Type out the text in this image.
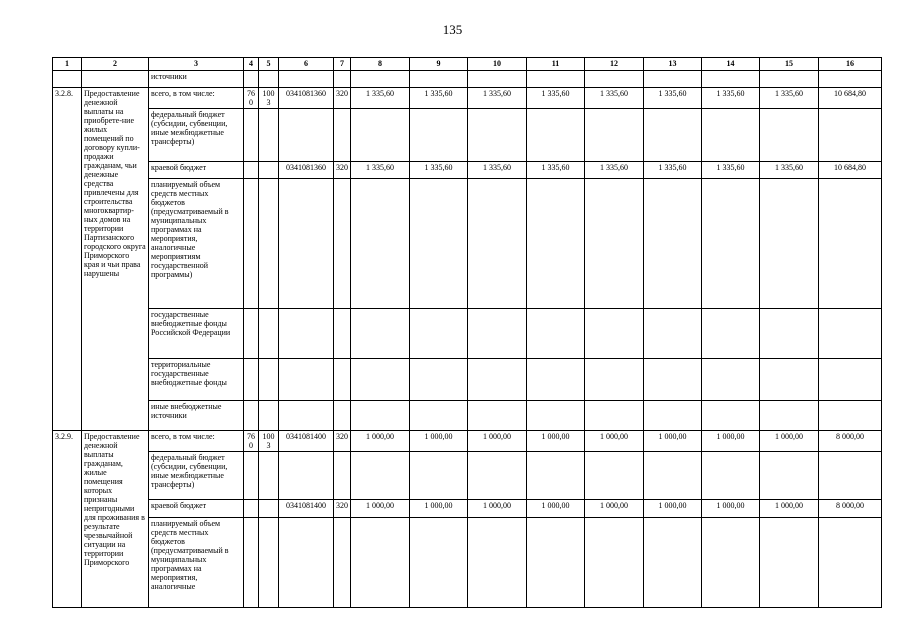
135
1	2	3	4	5	6	7	8	9	10	11	12	13	14	15	16
		источники													
3.2.8.	Предоставление денежной выплаты на приобрете-ние жилых помещений по договору купли-продажи гражданам, чьи денежные средства привлечены для строительства многоквартир-ных домов на территории Партизанского городского округа Приморского края и чьи права нарушены	всего, в том числе:	760	1003	0341081360	320	1 335,60	1 335,60	1 335,60	1 335,60	1 335,60	1 335,60	1 335,60	1 335,60	10 684,80
		федеральный бюджет (субсидии, субвенции, иные межбюджетные трансферты)													
		краевой бюджет			0341081360	320	1 335,60	1 335,60	1 335,60	1 335,60	1 335,60	1 335,60	1 335,60	1 335,60	10 684,80
		планируемый объем средств местных бюджетов (предусматриваемый в муниципальных программах на мероприятия, аналогичные мероприятиям государственной программы)													
		государственные внебюджетные фонды Российской Федерации													
		территориальные государственные внебюджетные фонды													
		иные внебюджетные источники													
3.2.9.	Предоставление денежной выплаты гражданам, жилые помещения которых признаны непригодными для проживания в результате чрезвычайной ситуации на территории Приморского	всего, в том числе:	760	1003	0341081400	320	1 000,00	1 000,00	1 000,00	1 000,00	1 000,00	1 000,00	1 000,00	1 000,00	8 000,00
		федеральный бюджет (субсидии, субвенции, иные межбюджетные трансферты)													
		краевой бюджет			0341081400	320	1 000,00	1 000,00	1 000,00	1 000,00	1 000,00	1 000,00	1 000,00	1 000,00	8 000,00
		планируемый объем средств местных бюджетов (предусматриваемый в муниципальных программах на мероприятия, аналогичные													
